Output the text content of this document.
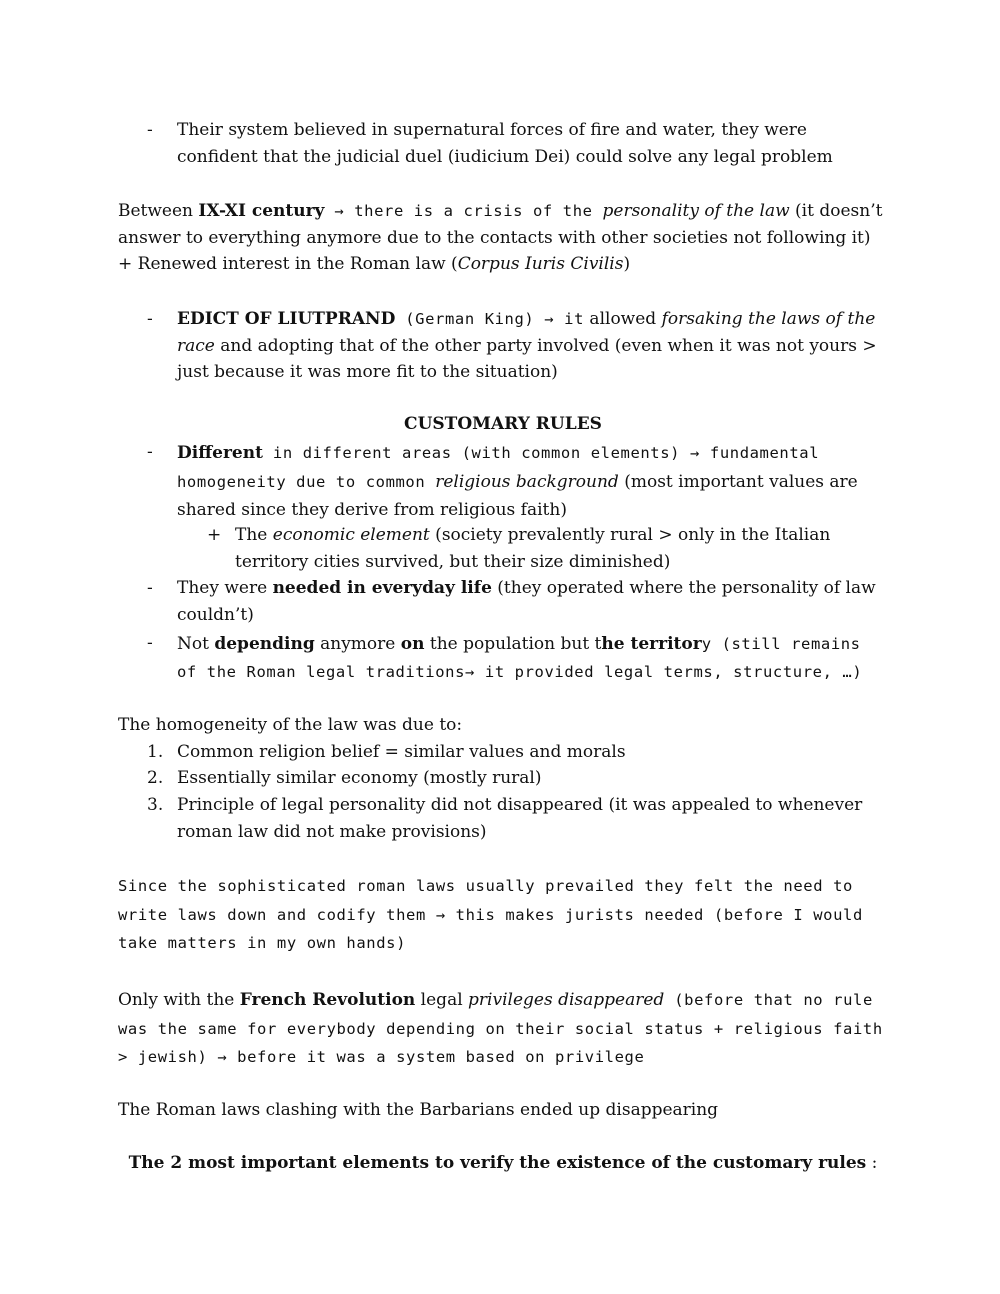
-	Their system believed in supernatural forces of fire and water, they were confident that the judicial duel (iudicium Dei) could solve any legal problem
Between IX-XI century → there is a crisis of the personality of the law (it doesn’t answer to everything anymore due to the contacts with other societies not following it) + Renewed interest in the Roman law (Corpus Iuris Civilis)
-	EDICT OF LIUTPRAND (German King) → it allowed forsaking the laws of the race and adopting that of the other party involved (even when it was not yours > just because it was more fit to the situation)
CUSTOMARY RULES
-	Different in different areas (with common elements) → fundamental homogeneity due to common religious background (most important values are shared since they derive from religious faith)
+ The economic element (society prevalently rural > only in the Italian territory cities survived, but their size diminished)
-	They were needed in everyday life (they operated where the personality of law couldn’t)
-	Not depending anymore on the population but the territory (still remains of the Roman legal traditions→ it provided legal terms, structure, …)
The homogeneity of the law was due to:
1. Common religion belief = similar values and morals
2. Essentially similar economy (mostly rural)
3. Principle of legal personality did not disappeared (it was appealed to whenever roman law did not make provisions)
Since the sophisticated roman laws usually prevailed they felt the need to write laws down and codify them → this makes jurists needed (before I would take matters in my own hands)
Only with the French Revolution legal privileges disappeared (before that no rule was the same for everybody depending on their social status + religious faith > jewish) → before it was a system based on privilege
The Roman laws clashing with the Barbarians ended up disappearing
The 2 most important elements to verify the existence of the customary rules :
